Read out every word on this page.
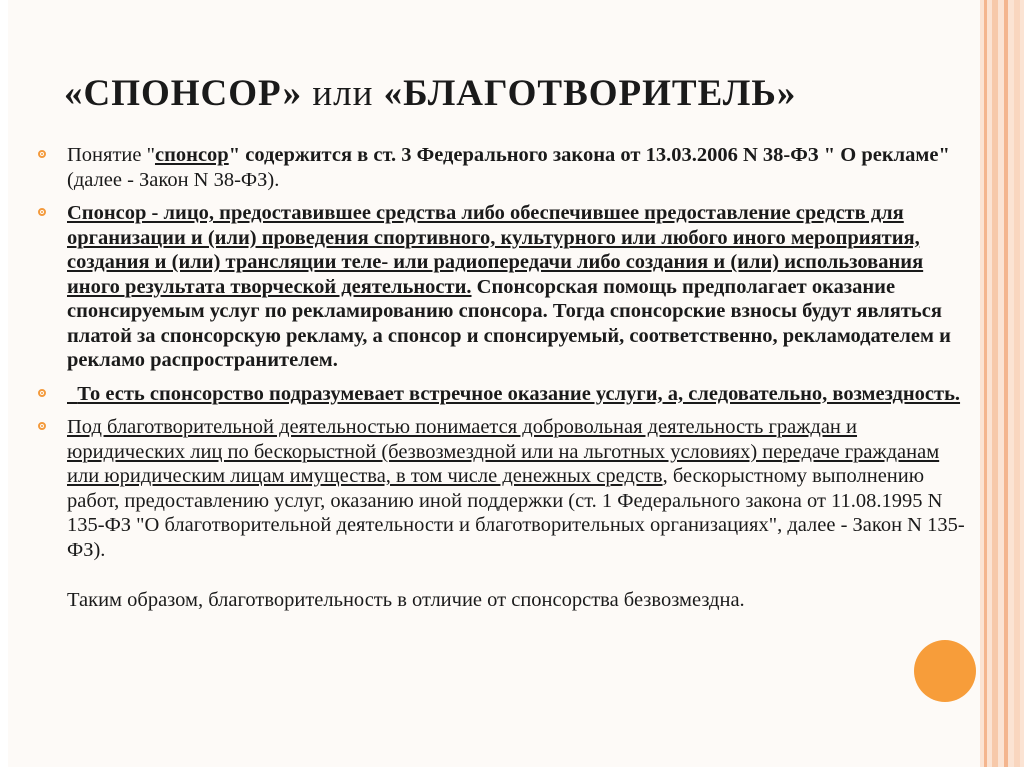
«СПОНСОР» или «БЛАГОТВОРИТЕЛЬ»
Понятие "спонсор" содержится в ст. 3 Федерального закона от 13.03.2006 N 38-ФЗ " О рекламе" (далее - Закон N 38-ФЗ).
Спонсор - лицо, предоставившее средства либо обеспечившее предоставление средств для организации и (или) проведения спортивного, культурного или любого иного мероприятия, создания и (или) трансляции теле- или радиопередачи либо создания и (или) использования иного результата творческой деятельности. Спонсорская помощь предполагает оказание спонсируемым услуг по рекламированию спонсора. Тогда спонсорские взносы будут являться платой за спонсорскую рекламу, а спонсор и спонсируемый, соответственно, рекламодателем и рекламо распространителем.
То есть спонсорство подразумевает встречное оказание услуги, а, следовательно, возмездность.
Под благотворительной деятельностью понимается добровольная деятельность граждан и юридических лиц по бескорыстной (безвозмездной или на льготных условиях) передаче гражданам или юридическим лицам имущества, в том числе денежных средств, бескорыстному выполнению работ, предоставлению услуг, оказанию иной поддержки (ст. 1 Федерального закона от 11.08.1995 N 135-ФЗ "О благотворительной деятельности и благотворительных организациях", далее - Закон N 135-ФЗ).
Таким образом, благотворительность в отличие от спонсорства безвозмездна.
